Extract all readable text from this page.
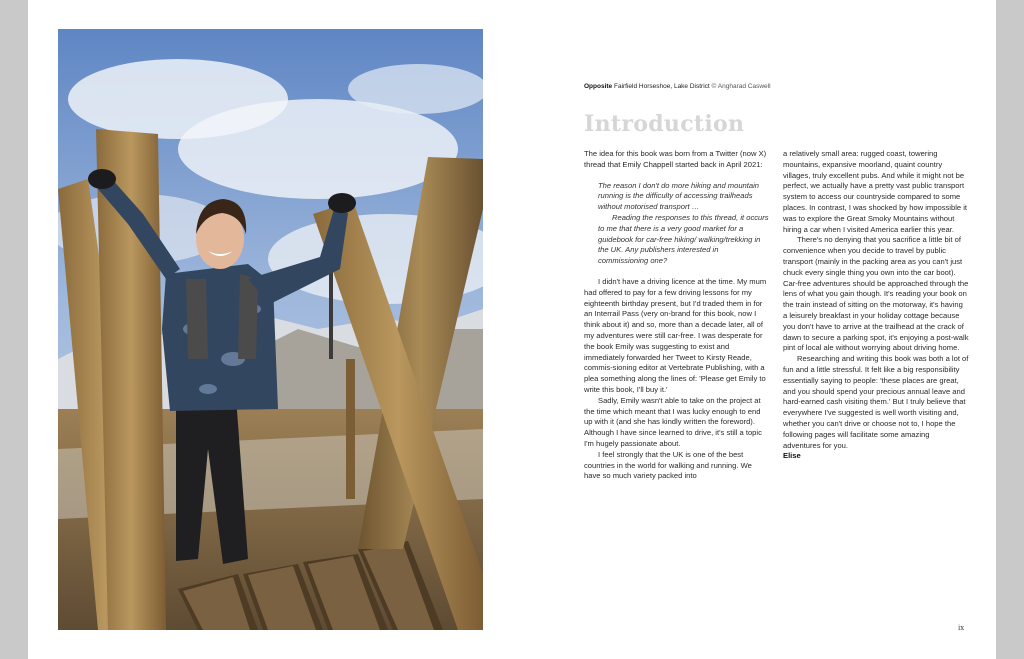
Opposite Fairfield Horseshoe, Lake District © Angharad Caswell
Introduction

The idea for this book was born from a Twitter (now X) thread that Emily Chappell started back in April 2021:

The reason I don't do more hiking and mountain running is the difficulty of accessing trailheads without motorised transport …

Reading the responses to this thread, it occurs to me that there is a very good market for a guidebook for car-free hiking/ walking/trekking in the UK. Any publishers interested in commissioning one?

I didn't have a driving licence at the time. My mum had offered to pay for a few driving lessons for my eighteenth birthday present, but I'd traded them in for an Interrail Pass (very on-brand for this book, now I think about it) and so, more than a decade later, all of my adventures were still car-free. I was desperate for the book Emily was suggesting to exist and immediately forwarded her Tweet to Kirsty Reade, commis-sioning editor at Vertebrate Publishing, with a plea something along the lines of: 'Please get Emily to write this book, I'll buy it.'

Sadly, Emily wasn't able to take on the project at the time which meant that I was lucky enough to end up with it (and she has kindly written the foreword). Although I have since learned to drive, it's still a topic I'm hugely passionate about.

I feel strongly that the UK is one of the best countries in the world for walking and running. We have so much variety packed into

a relatively small area: rugged coast, towering mountains, expansive moorland, quaint country villages, truly excellent pubs. And while it might not be perfect, we actually have a pretty vast public transport system to access our countryside compared to some places. In contrast, I was shocked by how impossible it was to explore the Great Smoky Mountains without hiring a car when I visited America earlier this year.

There's no denying that you sacrifice a little bit of convenience when you decide to travel by public transport (mainly in the packing area as you can't just chuck every single thing you own into the car boot). Car-free adventures should be approached through the lens of what you gain though. It's reading your book on the train instead of sitting on the motorway, it's having a leisurely breakfast in your holiday cottage because you don't have to arrive at the trailhead at the crack of dawn to secure a parking spot, it's enjoying a post-walk pint of local ale without worrying about driving home.

Researching and writing this book was both a lot of fun and a little stressful. It felt like a big responsibility essentially saying to people: 'these places are great, and you should spend your precious annual leave and hard-earned cash visiting them.' But I truly believe that everywhere I've suggested is well worth visiting and, whether you can't drive or choose not to, I hope the following pages will facilitate some amazing adventures for you.

Elise

ix
